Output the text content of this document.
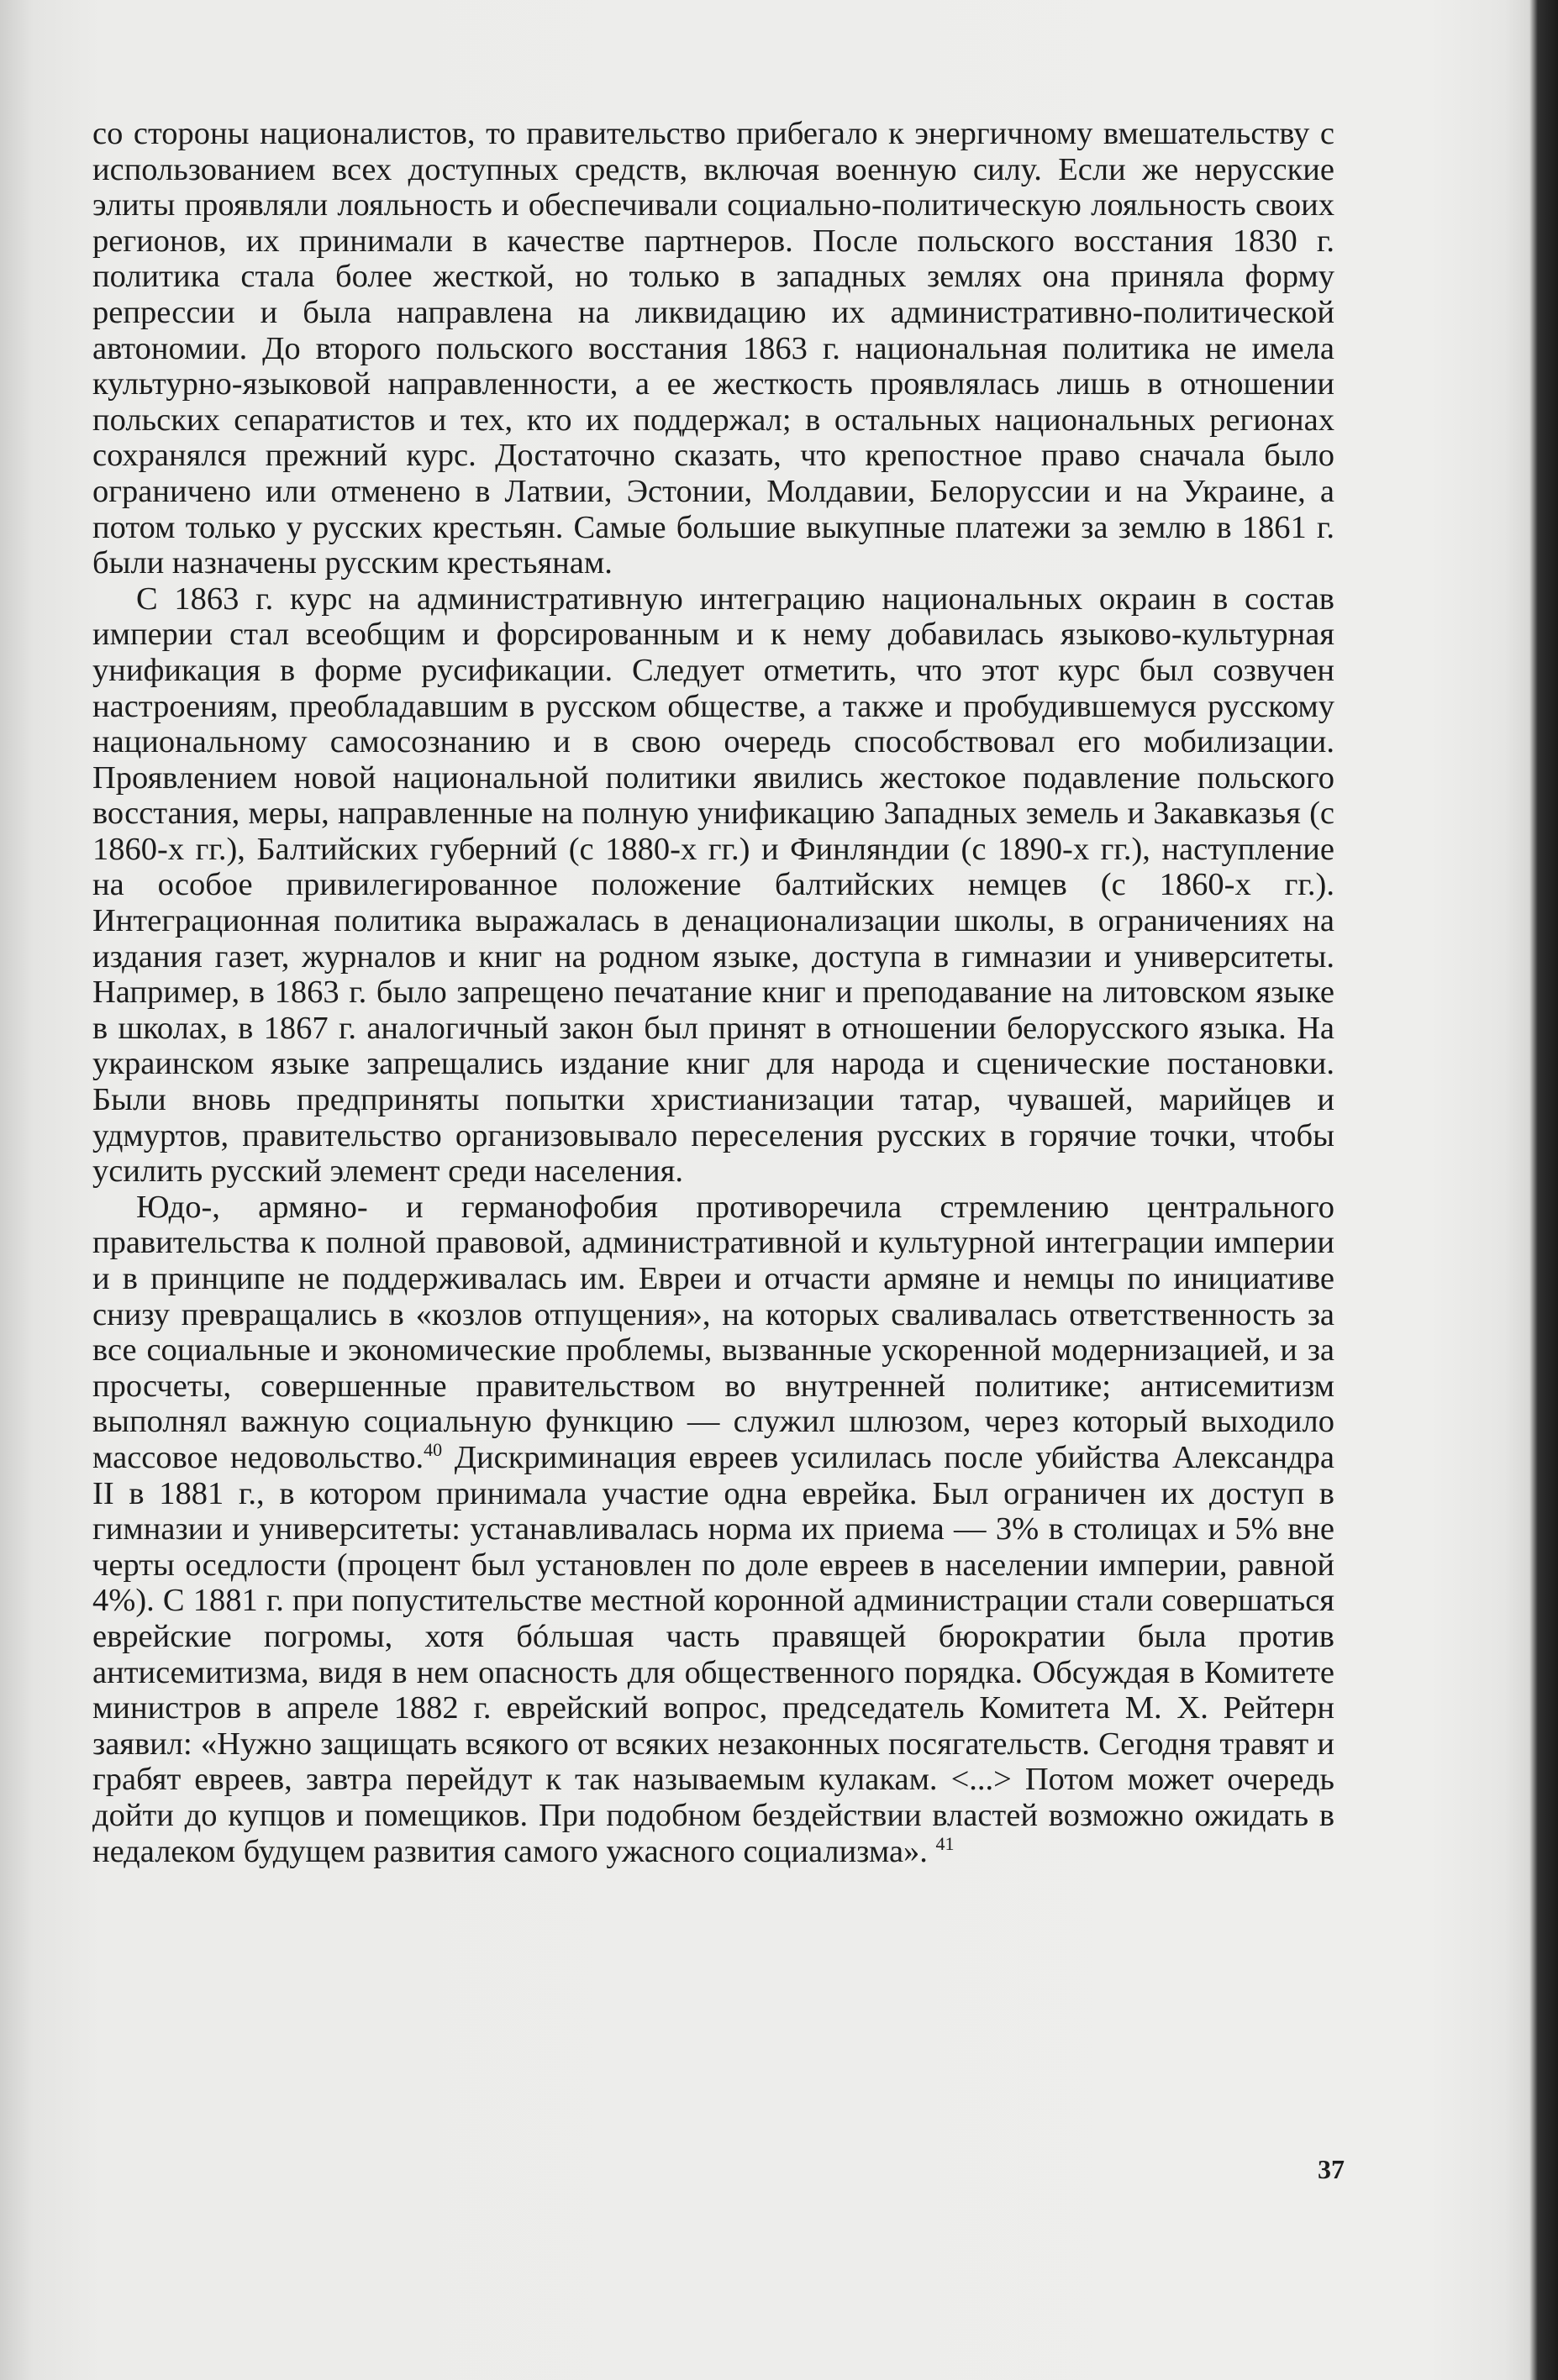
со стороны националистов, то правительство прибегало к энергичному вмешательству с использованием всех доступных средств, включая военную силу. Если же нерусские элиты проявляли лояльность и обеспечивали социально-политическую лояльность своих регионов, их принимали в качестве партнеров. После польского восстания 1830 г. политика стала более жесткой, но только в западных землях она приняла форму репрессии и была направлена на ликвидацию их административно-политической автономии. До второго польского восстания 1863 г. национальная политика не имела культурно-языковой направленности, а ее жесткость проявлялась лишь в отношении польских сепаратистов и тех, кто их поддержал; в остальных национальных регионах сохранялся прежний курс. Достаточно сказать, что крепостное право сначала было ограничено или отменено в Латвии, Эстонии, Молдавии, Белоруссии и на Украине, а потом только у русских крестьян. Самые большие выкупные платежи за землю в 1861 г. были назначены русским крестьянам.

С 1863 г. курс на административную интеграцию национальных окраин в состав империи стал всеобщим и форсированным и к нему добавилась языково-культурная унификация в форме русификации. Следует отметить, что этот курс был созвучен настроениям, преобладавшим в русском обществе, а также и пробудившемуся русскому национальному самосознанию и в свою очередь способствовал его мобилизации. Проявлением новой национальной политики явились жестокое подавление польского восстания, меры, направленные на полную унификацию Западных земель и Закавказья (с 1860-х гг.), Балтийских губерний (с 1880-х гг.) и Финляндии (с 1890-х гг.), наступление на особое привилегированное положение балтийских немцев (с 1860-х гг.). Интеграционная политика выражалась в денационализации школы, в ограничениях на издания газет, журналов и книг на родном языке, доступа в гимназии и университеты. Например, в 1863 г. было запрещено печатание книг и преподавание на литовском языке в школах, в 1867 г. аналогичный закон был принят в отношении белорусского языка. На украинском языке запрещались издание книг для народа и сценические постановки. Были вновь предприняты попытки христианизации татар, чувашей, марийцев и удмуртов, правительство организовывало переселения русских в горячие точки, чтобы усилить русский элемент среди населения.

Юдо-, армяно- и германофобия противоречила стремлению центрального правительства к полной правовой, административной и культурной интеграции империи и в принципе не поддерживалась им. Евреи и отчасти армяне и немцы по инициативе снизу превращались в «козлов отпущения», на которых сваливалась ответственность за все социальные и экономические проблемы, вызванные ускоренной модернизацией, и за просчеты, совершенные правительством во внутренней политике; антисемитизм выполнял важную социальную функцию — служил шлюзом, через который выходило массовое недовольство.$^{40}$ Дискриминация евреев усилилась после убийства Александра II в 1881 г., в котором принимала участие одна еврейка. Был ограничен их доступ в гимназии и университеты: устанавливалась норма их приема — 3% в столицах и 5% вне черты оседлости (процент был установлен по доле евреев в населении империи, равной 4%). С 1881 г. при попустительстве местной коронной администрации стали совершаться еврейские погромы, хотя бóльшая часть правящей бюрократии была против антисемитизма, видя в нем опасность для общественного порядка. Обсуждая в Комитете министров в апреле 1882 г. еврейский вопрос, председатель Комитета М. Х. Рейтерн заявил: «Нужно защищать всякого от всяких незаконных посягательств. Сегодня травят и грабят евреев, завтра перейдут к так называемым кулакам. <...> Потом может очередь дойти до купцов и помещиков. При подобном бездействии властей возможно ожидать в недалеком будущем развития самого ужасного социализма». $^{41}$

37
